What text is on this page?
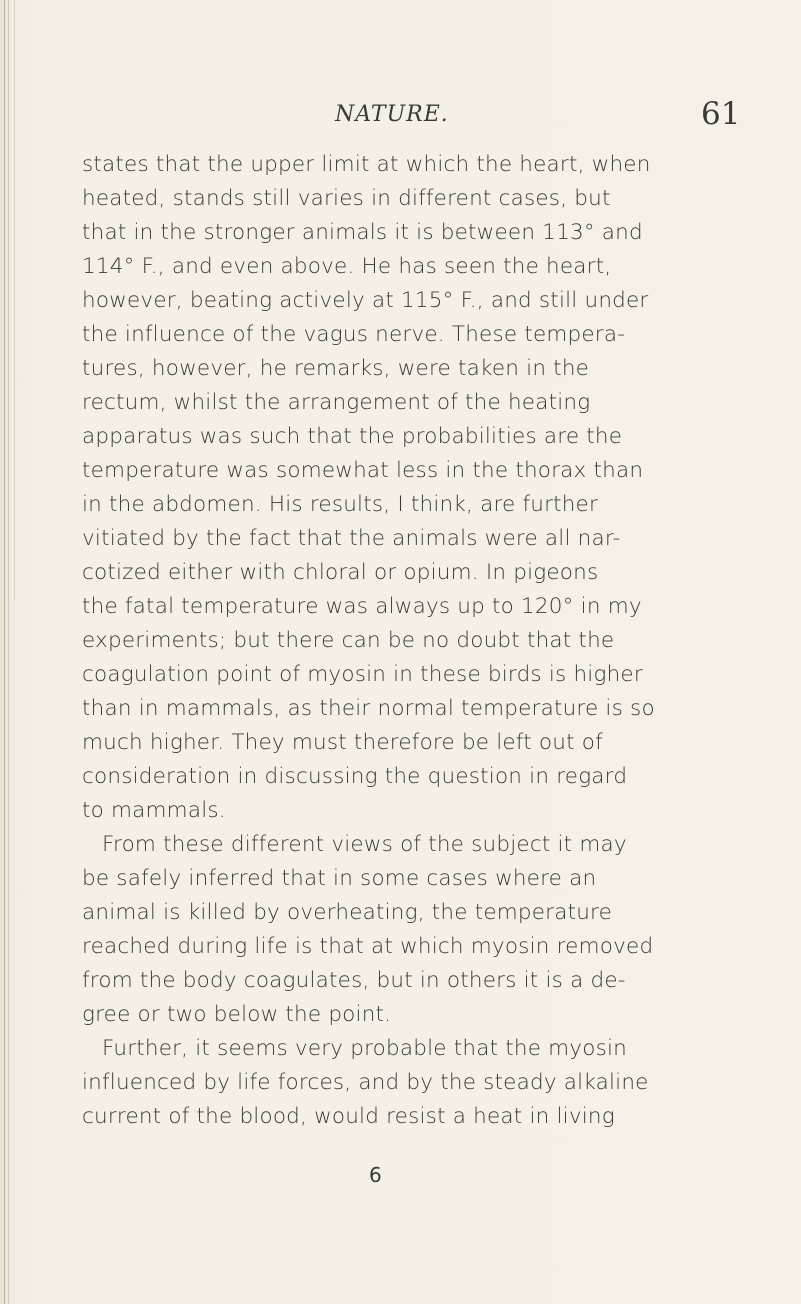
NATURE.	61
states that the upper limit at which the heart, when
heated, stands still varies in different cases, but
that in the stronger animals it is between 113° and
114° F., and even above. He has seen the heart,
however, beating actively at 115° F., and still under
the influence of the vagus nerve. These tempera-
tures, however, he remarks, were taken in the
rectum, whilst the arrangement of the heating
apparatus was such that the probabilities are the
temperature was somewhat less in the thorax than
in the abdomen. His results, I think, are further
vitiated by the fact that the animals were all nar-
cotized either with chloral or opium. In pigeons
the fatal temperature was always up to 120° in my
experiments; but there can be no doubt that the
coagulation point of myosin in these birds is higher
than in mammals, as their normal temperature is so
much higher. They must therefore be left out of
consideration in discussing the question in regard
to mammals.
From these different views of the subject it may
be safely inferred that in some cases where an
animal is killed by overheating, the temperature
reached during life is that at which myosin removed
from the body coagulates, but in others it is a de-
gree or two below the point.
Further, it seems very probable that the myosin
influenced by life forces, and by the steady alkaline
current of the blood, would resist a heat in living
6
